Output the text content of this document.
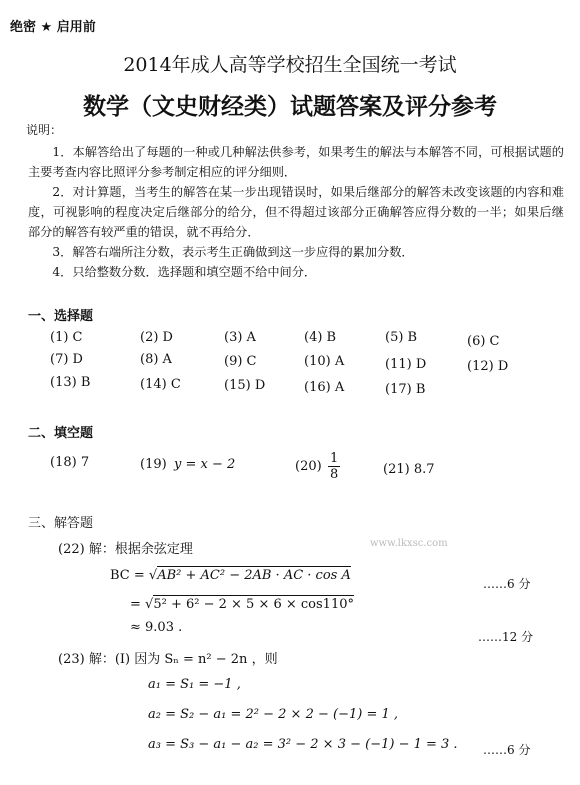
绝密 ★ 启用前
2014年成人高等学校招生全国统一考试
数学（文史财经类）试题答案及评分参考
说明：
1．本解答给出了每题的一种或几种解法供参考，如果考生的解法与本解答不同，可根据试题的主要考查内容比照评分参考制定相应的评分细则．
2．对计算题，当考生的解答在某一步出现错误时，如果后继部分的解答未改变该题的内容和难度，可视影响的程度决定后继部分的给分，但不得超过该部分正确解答应得分数的一半；如果后继部分的解答有较严重的错误，就不再给分．
3．解答右端所注分数，表示考生正确做到这一步应得的累加分数．
4．只给整数分数．选择题和填空题不给中间分．
一、选择题
(1) C	(2) D	(3) A	(4) B	(5) B	(6) C
(7) D	(8) A	(9) C	(10) A	(11) D	(12) D
(13) B	(14) C	(15) D	(16) A	(17) B
二、填空题
(18) 7	(19) y = x − 2	$(20) \frac{1}{8}$	(21) 8.7
三、解答题
www.lkxsc.com
(22) 解：根据余弦定理
BC = √AB² + AC² − 2AB · AC · cos A
……6 分
= √5² + 6² − 2 × 5 × 6 × cos110°
≈ 9.03 .
……12 分
(23) 解：(Ⅰ) 因为 Sₙ = n² − 2n ，则
a₁ = S₁ = −1 ,
a₂ = S₂ − a₁ = 2² − 2 × 2 − (−1) = 1 ,
a₃ = S₃ − a₁ − a₂ = 3² − 2 × 3 − (−1) − 1 = 3 . ……6 分
